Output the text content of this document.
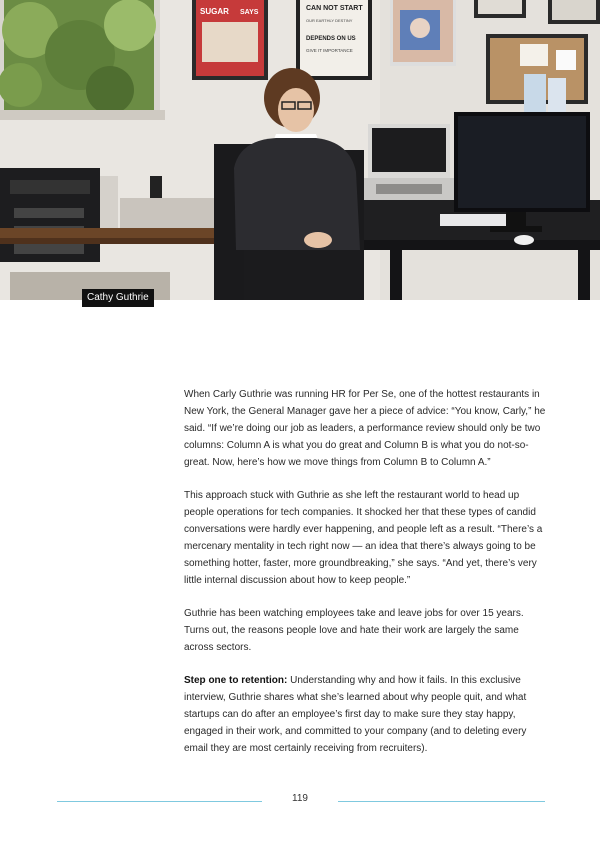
SUGAR SAYS
CAN NOT START
OUR EARTHLY DESTINY
DEPENDS ON US
GIVE IT IMPORTANCE
Cathy Guthrie

When Carly Guthrie was running HR for Per Se, one of the hottest restaurants in New York, the General Manager gave her a piece of advice: “You know, Carly,” he said. “If we’re doing our job as leaders, a performance review should only be two columns: Column A is what you do great and Column B is what you do not-so-great. Now, here’s how we move things from Column B to Column A.”

This approach stuck with Guthrie as she left the restaurant world to head up people operations for tech companies. It shocked her that these types of candid conversations were hardly ever happening, and people left as a result. “There’s a mercenary mentality in tech right now — an idea that there’s always going to be something hotter, faster, more groundbreaking,” she says. “And yet, there’s very little internal discussion about how to keep people.”

Guthrie has been watching employees take and leave jobs for over 15 years. Turns out, the reasons people love and hate their work are largely the same across sectors.

Step one to retention: Understanding why and how it fails. In this exclusive interview, Guthrie shares what she’s learned about why people quit, and what startups can do after an employee’s first day to make sure they stay happy, engaged in their work, and committed to your company (and to deleting every email they are most certainly receiving from recruiters).

119
